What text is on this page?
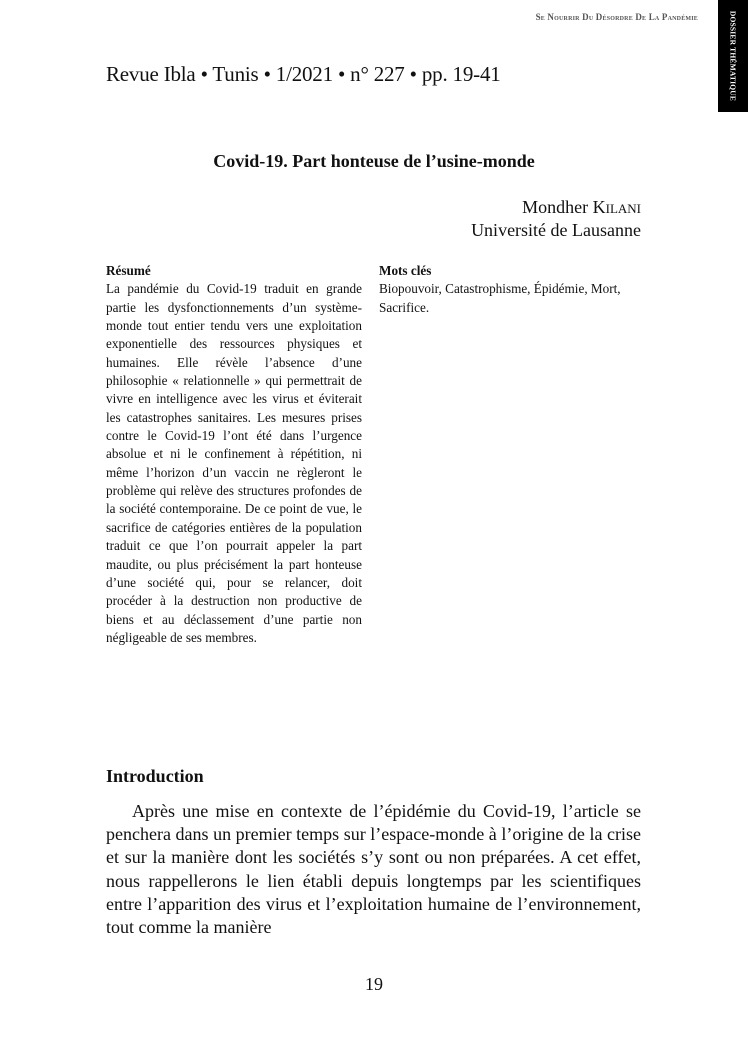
Se Nourrir Du Désordre De La Pandémie	DOSSIER THÉMATIQUE
Revue Ibla • Tunis • 1/2021 • n° 227 • pp. 19-41
Covid-19. Part honteuse de l’usine-monde
Mondher Kilani
Université de Lausanne
Résumé
La pandémie du Covid-19 traduit en grande partie les dysfonctionnements d’un système-monde tout entier tendu vers une exploitation exponentielle des ressources physiques et humaines. Elle révèle l’absence d’une philosophie « relationnelle » qui permettrait de vivre en intelligence avec les virus et éviterait les catastrophes sanitaires. Les mesures prises contre le Covid-19 l’ont été dans l’urgence absolue et ni le confinement à répétition, ni même l’horizon d’un vaccin ne règleront le problème qui relève des structures profondes de la société contemporaine. De ce point de vue, le sacrifice de catégories entières de la population traduit ce que l’on pourrait appeler la part maudite, ou plus précisément la part honteuse d’une société qui, pour se relancer, doit procéder à la destruction non productive de biens et au déclassement d’une partie non négligeable de ses membres.
Mots clés
Biopouvoir, Catastrophisme, Épidémie, Mort, Sacrifice.
Introduction

Après une mise en contexte de l’épidémie du Covid-19, l’article se penchera dans un premier temps sur l’espace-monde à l’origine de la crise et sur la manière dont les sociétés s’y sont ou non préparées. A cet effet, nous rappellerons le lien établi depuis longtemps par les scientifiques entre l’apparition des virus et l’exploitation humaine de l’environnement, tout comme la manière

19
